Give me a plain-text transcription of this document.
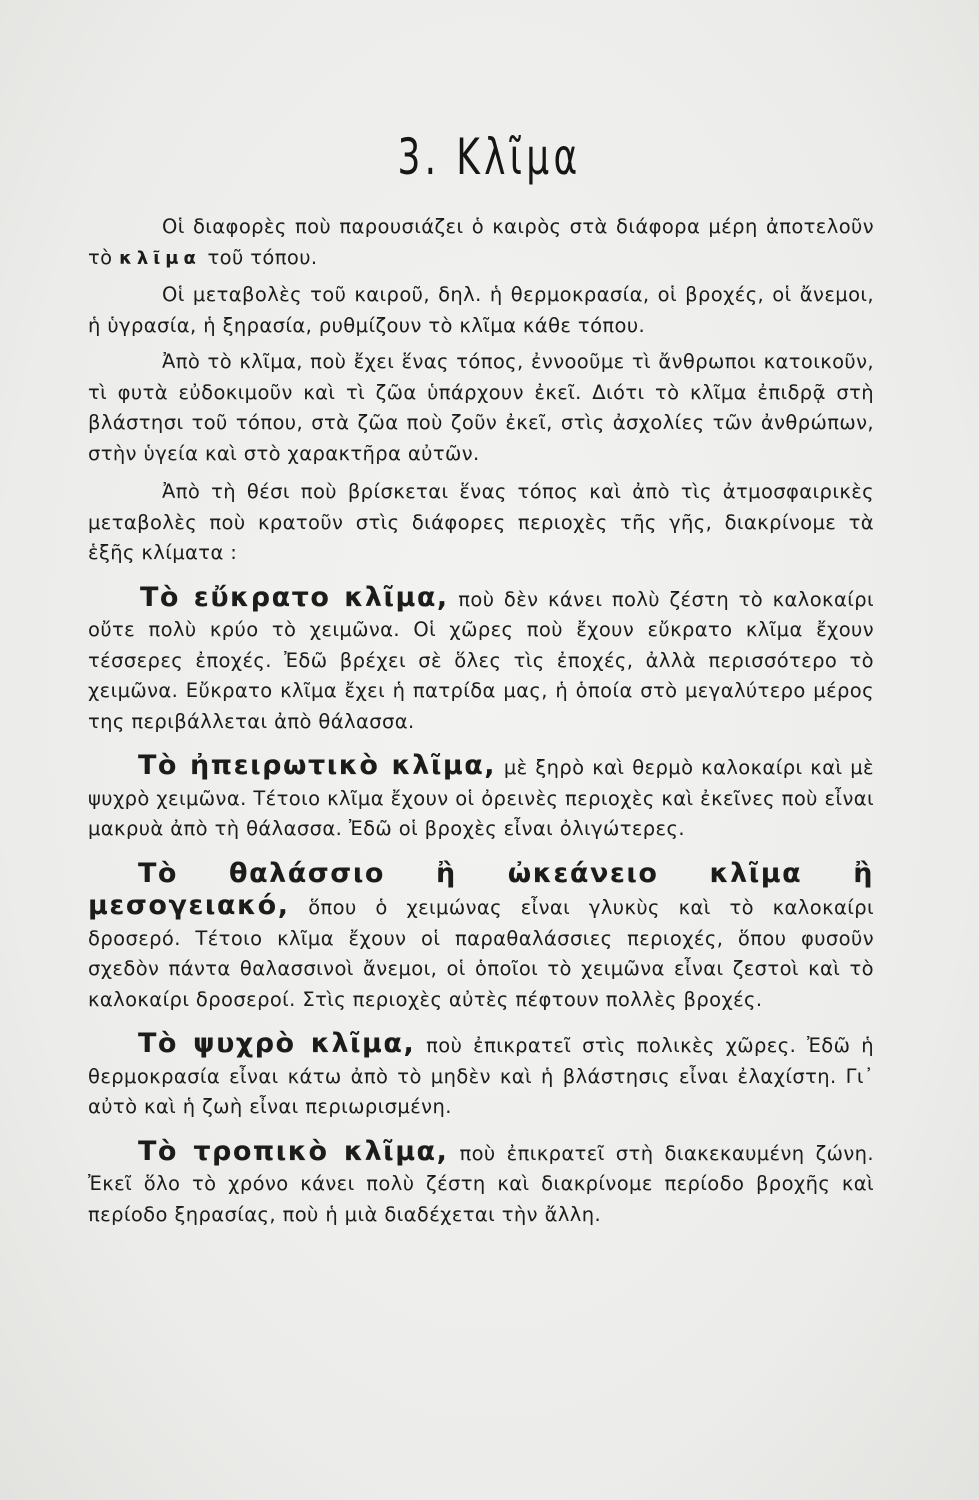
3. Κλῖμα

Οἱ διαφορὲς ποὺ παρουσιάζει ὁ καιρὸς στὰ διάφορα μέρη ἀποτελοῦν τὸ κλῖμα τοῦ τόπου.

Οἱ μεταβολὲς τοῦ καιροῦ, δηλ. ἡ θερμοκρασία, οἱ βροχές, οἱ ἄνεμοι, ἡ ὑγρασία, ἡ ξηρασία, ρυθμίζουν τὸ κλῖμα κάθε τόπου.

Ἀπὸ τὸ κλῖμα, ποὺ ἔχει ἕνας τόπος, ἐννοοῦμε τὶ ἄνθρωποι κατοικοῦν, τὶ φυτὰ εὐδοκιμοῦν καὶ τὶ ζῶα ὑπάρχουν ἐκεῖ. Διότι τὸ κλῖμα ἐπιδρᾷ στὴ βλάστησι τοῦ τόπου, στὰ ζῶα ποὺ ζοῦν ἐκεῖ, στὶς ἀσχολίες τῶν ἀνθρώπων, στὴν ὑγεία καὶ στὸ χαρακτῆρα αὐτῶν.

Ἀπὸ τὴ θέσι ποὺ βρίσκεται ἕνας τόπος καὶ ἀπὸ τὶς ἀτμοσφαιρικὲς μεταβολὲς ποὺ κρατοῦν στὶς διάφορες περιοχὲς τῆς γῆς, διακρίνομε τὰ ἑξῆς κλίματα :

Τὸ εὔκρατο κλῖμα, ποὺ δὲν κάνει πολὺ ζέστη τὸ καλοκαίρι οὔτε πολὺ κρύο τὸ χειμῶνα. Οἱ χῶρες ποὺ ἔχουν εὔκρατο κλῖμα ἔχουν τέσσερες ἐποχές. Ἐδῶ βρέχει σὲ ὅλες τὶς ἐποχές, ἀλλὰ περισσότερο τὸ χειμῶνα. Εὔκρατο κλῖμα ἔχει ἡ πατρίδα μας, ἡ ὁποία στὸ μεγαλύτερο μέρος της περιβάλλεται ἀπὸ θάλασσα.

Τὸ ἠπειρωτικὸ κλῖμα, μὲ ξηρὸ καὶ θερμὸ καλοκαίρι καὶ μὲ ψυχρὸ χειμῶνα. Τέτοιο κλῖμα ἔχουν οἱ ὀρεινὲς περιοχὲς καὶ ἐκεῖνες ποὺ εἶναι μακρυὰ ἀπὸ τὴ θάλασσα. Ἐδῶ οἱ βροχὲς εἶναι ὀλιγώτερες.

Τὸ θαλάσσιο ἢ ὠκεάνειο κλῖμα ἢ μεσογειακό, ὅπου ὁ χειμώνας εἶναι γλυκὺς καὶ τὸ καλοκαίρι δροσερό. Τέτοιο κλῖμα ἔχουν οἱ παραθαλάσσιες περιοχές, ὅπου φυσοῦν σχεδὸν πάντα θαλασσινοὶ ἄνεμοι, οἱ ὁποῖοι τὸ χειμῶνα εἶναι ζεστοὶ καὶ τὸ καλοκαίρι δροσεροί. Στὶς περιοχὲς αὐτὲς πέφτουν πολλὲς βροχές.

Τὸ ψυχρὸ κλῖμα, ποὺ ἐπικρατεῖ στὶς πολικὲς χῶρες. Ἐδῶ ἡ θερμοκρασία εἶναι κάτω ἀπὸ τὸ μηδὲν καὶ ἡ βλάστησις εἶναι ἐλαχίστη. Γι᾽ αὐτὸ καὶ ἡ ζωὴ εἶναι περιωρισμένη.

Τὸ τροπικὸ κλῖμα, ποὺ ἐπικρατεῖ στὴ διακεκαυμένη ζώνη. Ἐκεῖ ὅλο τὸ χρόνο κάνει πολὺ ζέστη καὶ διακρίνομε περίοδο βροχῆς καὶ περίοδο ξηρασίας, ποὺ ἡ μιὰ διαδέχεται τὴν ἄλλη.
